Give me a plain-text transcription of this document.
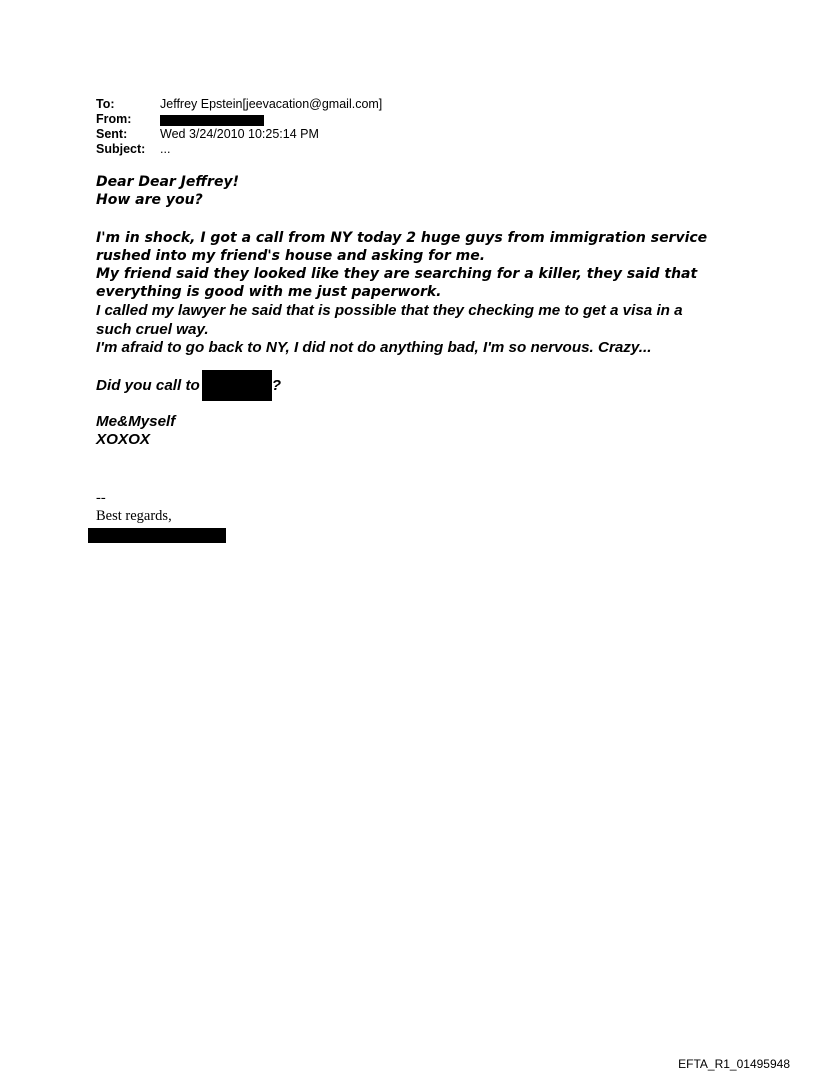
To:	Jeffrey Epstein[jeevacation@gmail.com]
From:
Sent:	Wed 3/24/2010 10:25:14 PM
Subject:	...
Dear Dear Jeffrey!
How are you?
I'm in shock, I got a call from NY today 2 huge guys from immigration service
rushed into my friend's house and asking for me.
My friend said they looked like they are searching for a killer, they said that
everything is good with me just paperwork.
I called my lawyer he said that is possible that they checking me to get a visa in a
such cruel way.
I'm afraid to go back to NY, I did not do anything bad, I'm so nervous. Crazy...
Did you call to	?
Me&Myself
XOXOX
--
Best regards,
EFTA_R1_01495948
